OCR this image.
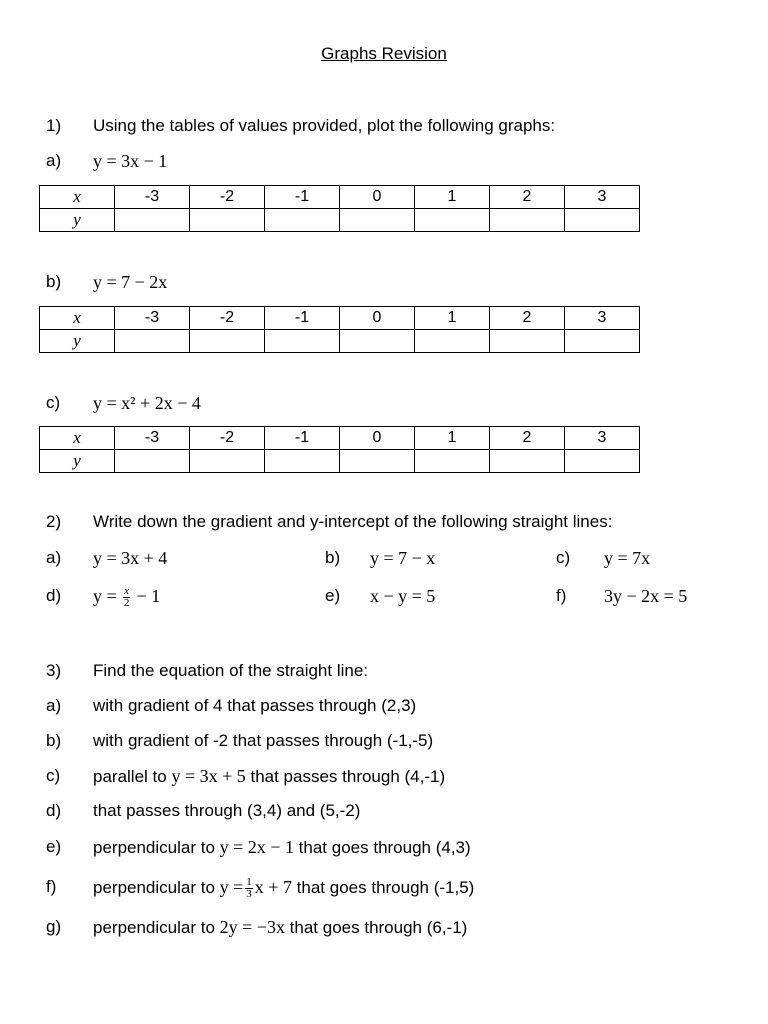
Graphs Revision
1) Using the tables of values provided, plot the following graphs:
a) y = 3x − 1
x	-3	-2	-1	0	1	2	3
y							
b) y = 7 − 2x
x	-3	-2	-1	0	1	2	3
y							
c) y = x² + 2x − 4
x	-3	-2	-1	0	1	2	3
y							
2) Write down the gradient and y-intercept of the following straight lines:
a) y = 3x + 4	b) y = 7 − x	c) y = 7x
d) $y = \frac{x}{2} - 1$	e) x − y = 5	f) 3y − 2x = 5
3) Find the equation of the straight line:
a) with gradient of 4 that passes through (2,3)
b) with gradient of -2 that passes through (-1,-5)
c) parallel to y = 3x + 5 that passes through (4,-1)
d) that passes through (3,4) and (5,-2)
e) perpendicular to y = 2x − 1 that goes through (4,3)
f) perpendicular to $y = \frac{1}{3}$ x + 7 that goes through (-1,5)
g) perpendicular to 2y = −3x that goes through (6,-1)
